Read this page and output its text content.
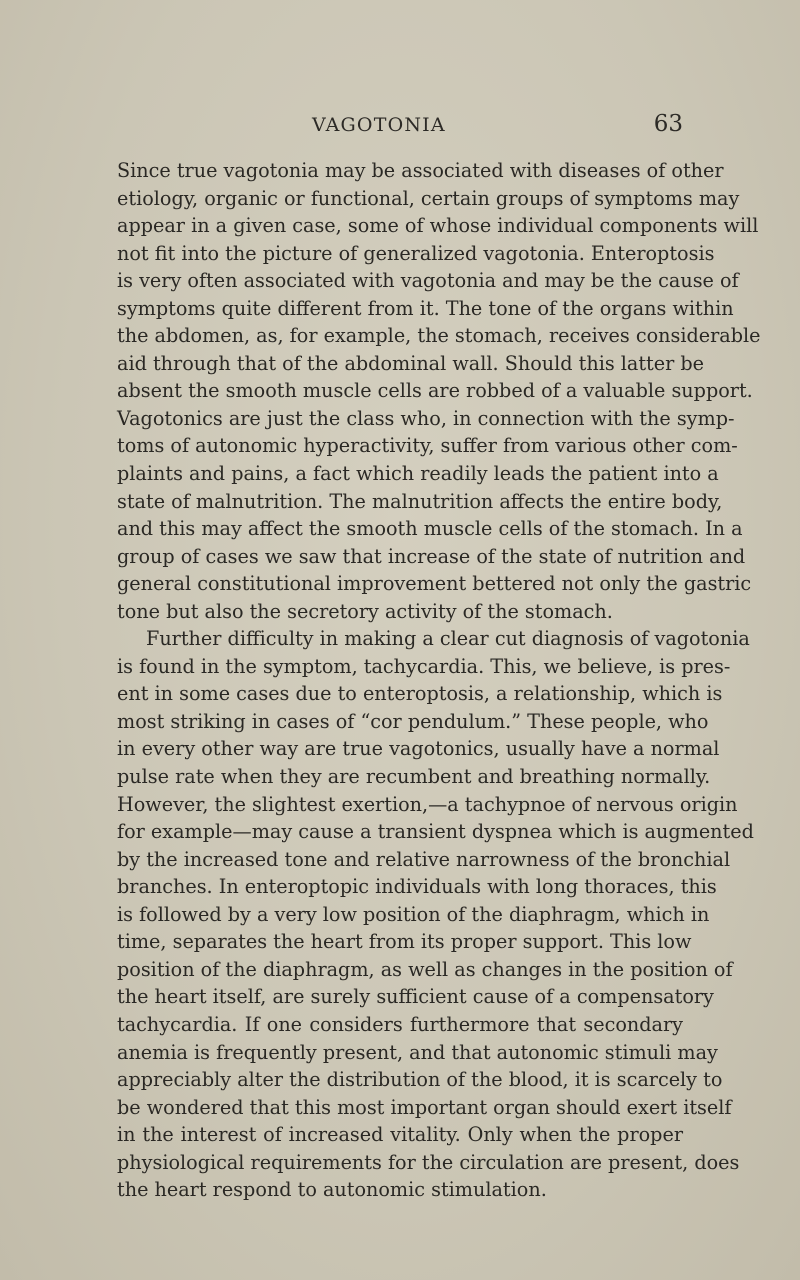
VAGOTONIA	63
Since true vagotonia may be associated with diseases of other
etiology, organic or functional, certain groups of symptoms may
appear in a given case, some of whose individual components will
not fit into the picture of generalized vagotonia. Enteroptosis
is very often associated with vagotonia and may be the cause of
symptoms quite different from it. The tone of the organs within
the abdomen, as, for example, the stomach, receives considerable
aid through that of the abdominal wall. Should this latter be
absent the smooth muscle cells are robbed of a valuable support.
Vagotonics are just the class who, in connection with the symp-
toms of autonomic hyperactivity, suffer from various other com-
plaints and pains, a fact which readily leads the patient into a
state of malnutrition. The malnutrition affects the entire body,
and this may affect the smooth muscle cells of the stomach. In a
group of cases we saw that increase of the state of nutrition and
general constitutional improvement bettered not only the gastric
tone but also the secretory activity of the stomach.
Further difficulty in making a clear cut diagnosis of vagotonia
is found in the symptom, tachycardia. This, we believe, is pres-
ent in some cases due to enteroptosis, a relationship, which is
most striking in cases of “cor pendulum.” These people, who
in every other way are true vagotonics, usually have a normal
pulse rate when they are recumbent and breathing normally.
However, the slightest exertion,—a tachypnoe of nervous origin
for example—may cause a transient dyspnea which is augmented
by the increased tone and relative narrowness of the bronchial
branches. In enteroptopic individuals with long thoraces, this
is followed by a very low position of the diaphragm, which in
time, separates the heart from its proper support. This low
position of the diaphragm, as well as changes in the position of
the heart itself, are surely sufficient cause of a compensatory
tachycardia. If one considers furthermore that secondary
anemia is frequently present, and that autonomic stimuli may
appreciably alter the distribution of the blood, it is scarcely to
be wondered that this most important organ should exert itself
in the interest of increased vitality. Only when the proper
physiological requirements for the circulation are present, does
the heart respond to autonomic stimulation.
